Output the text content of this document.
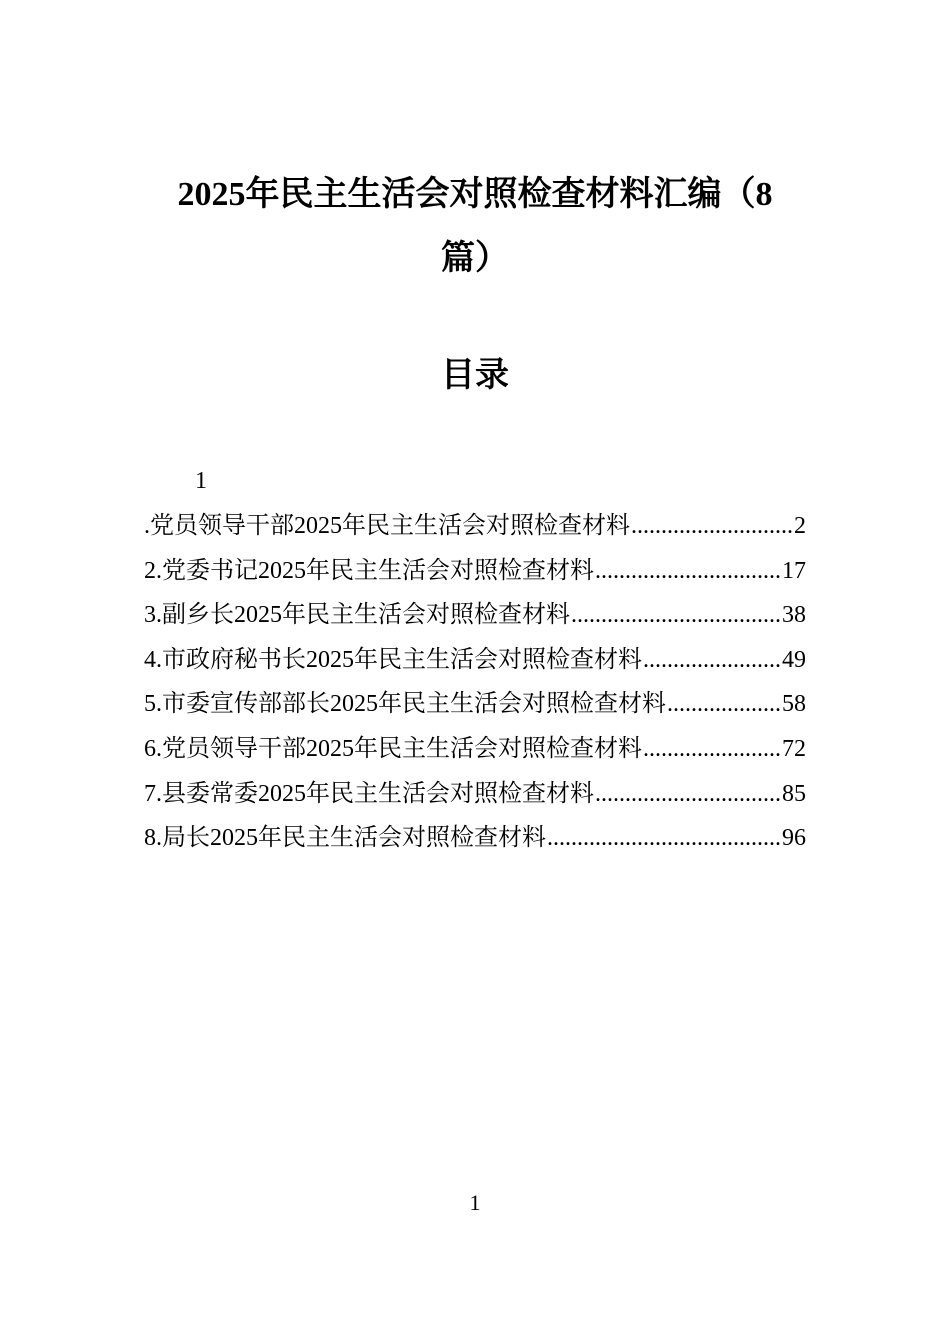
2025年民主生活会对照检查材料汇编（8
篇）
目录
1
.党员领导干部2025年民主生活会对照检查材料 .....	2
2.党委书记2025年民主生活会对照检查材料 .....	17
3.副乡长2025年民主生活会对照检查材料 .....	38
4.市政府秘书长2025年民主生活会对照检查材料 .....	49
5.市委宣传部部长2025年民主生活会对照检查材料 .....	58
6.党员领导干部2025年民主生活会对照检查材料 .....	72
7.县委常委2025年民主生活会对照检查材料 .....	85
8.局长2025年民主生活会对照检查材料 .....	96
1
